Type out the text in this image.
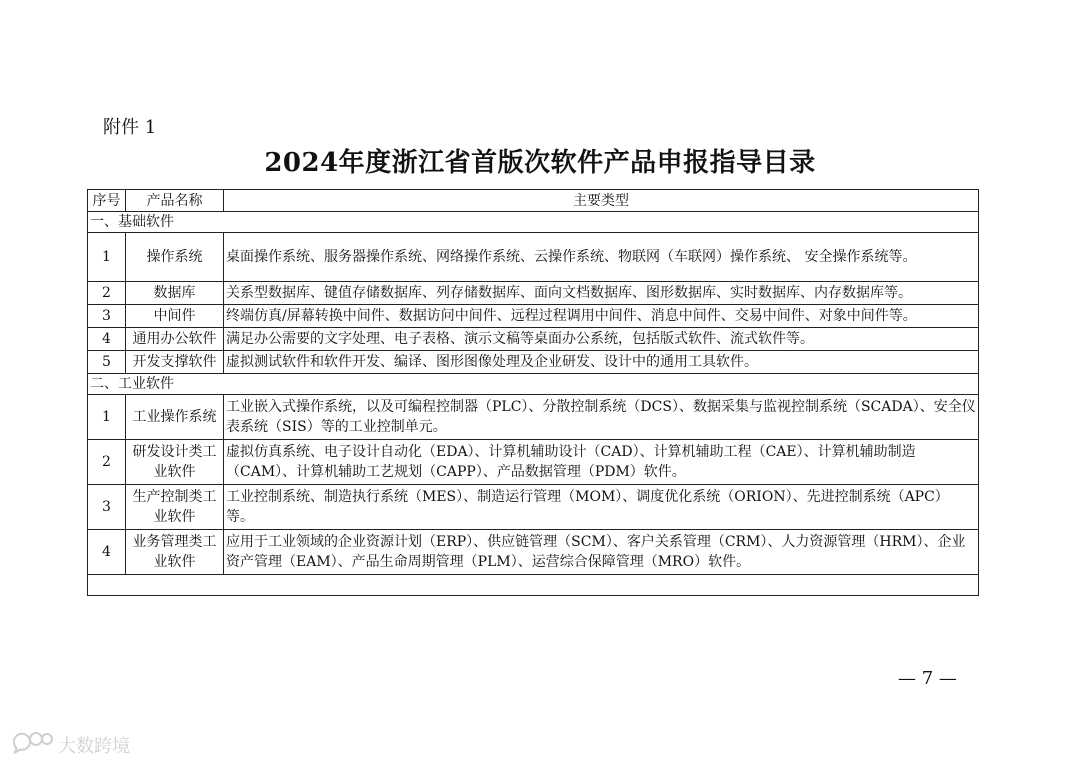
附件 1
2024年度浙江省首版次软件产品申报指导目录
序号	产品名称	主要类型
一、基础软件		
1	操作系统	桌面操作系统、服务器操作系统、网络操作系统、云操作系统、物联网（车联网）操作系统、 安全操作系统等。
2	数据库	关系型数据库、键值存储数据库、列存储数据库、面向文档数据库、图形数据库、实时数据库、内存数据库等。
3	中间件	终端仿真/屏幕转换中间件、数据访问中间件、远程过程调用中间件、消息中间件、交易中间件、对象中间件等。
4	通用办公软件	满足办公需要的文字处理、电子表格、演示文稿等桌面办公系统，包括版式软件、流式软件等。
5	开发支撑软件	虚拟测试软件和软件开发、编译、图形图像处理及企业研发、设计中的通用工具软件。
二、工业软件		
1	工业操作系统	工业嵌入式操作系统，以及可编程控制器（PLC）、分散控制系统（DCS）、数据采集与监视控制系统（SCADA）、安全仪表系统（SIS）等的工业控制单元。
2	研发设计类工业软件	虚拟仿真系统、电子设计自动化（EDA）、计算机辅助设计（CAD）、计算机辅助工程（CAE）、计算机辅助制造（CAM）、计算机辅助工艺规划（CAPP）、产品数据管理（PDM）软件。
3	生产控制类工业软件	工业控制系统、制造执行系统（MES）、制造运行管理（MOM）、调度优化系统（ORION）、先进控制系统（APC）等。
4	业务管理类工业软件	应用于工业领域的企业资源计划（ERP）、供应链管理（SCM）、客户关系管理（CRM）、人力资源管理（HRM）、企业资产管理（EAM）、产品生命周期管理（PLM）、运营综合保障管理（MRO）软件。

— 7 —
大数跨境
